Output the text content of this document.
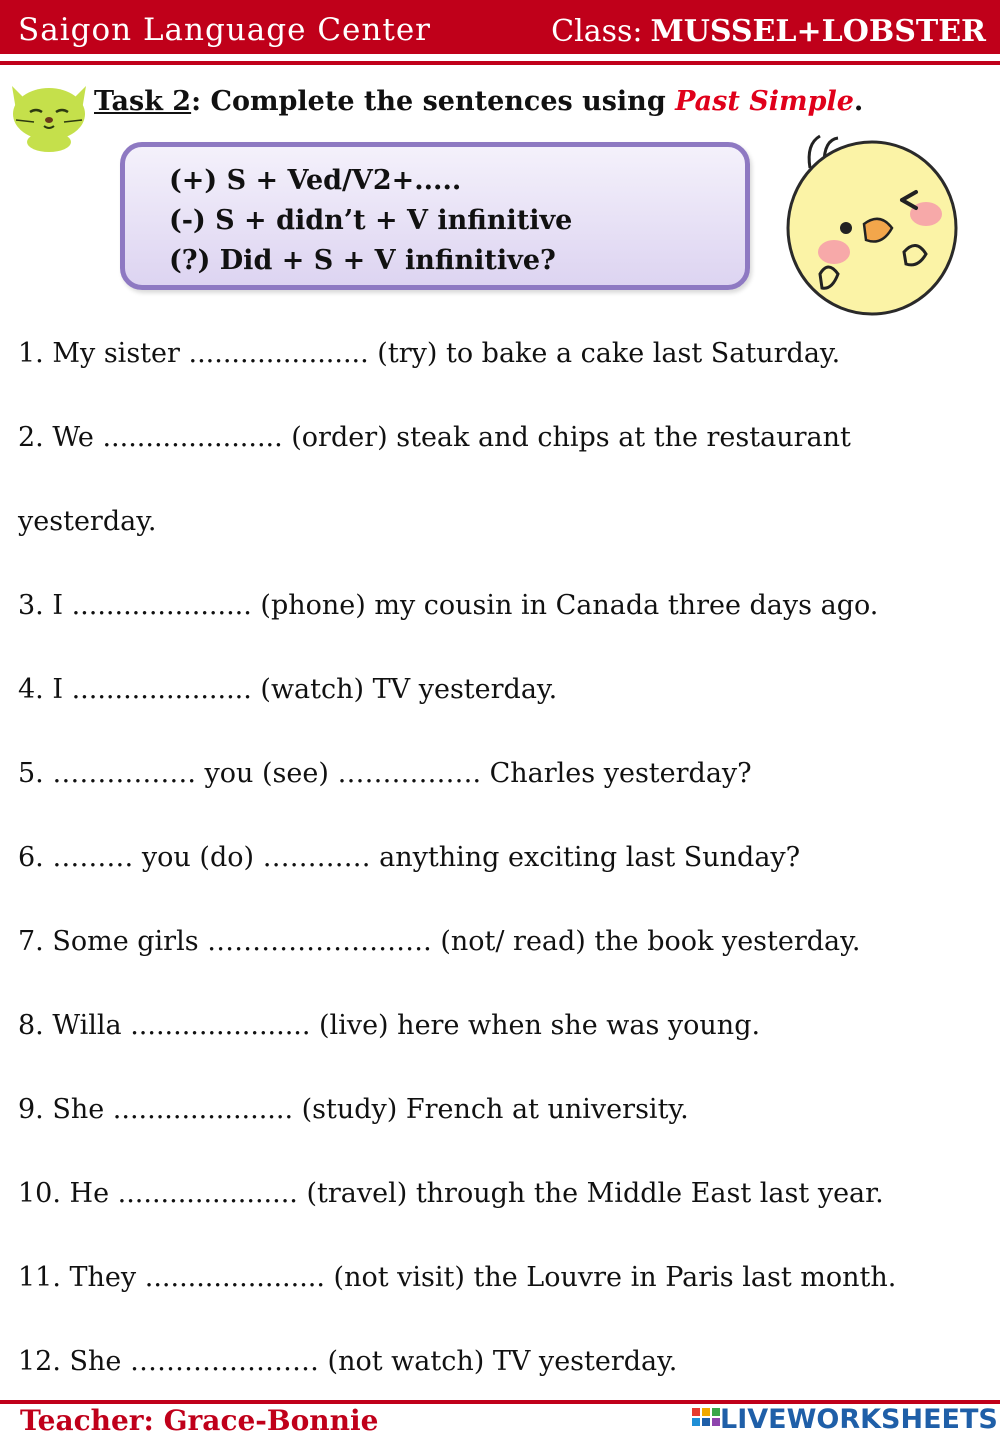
Saigon Language Center	Class: MUSSEL+LOBSTER
Task 2: Complete the sentences using Past Simple.
(+) S + Ved/V2+.....
(-) S + didn’t + V infinitive
(?) Did + S + V infinitive?
1. My sister ..................... (try) to bake a cake last Saturday.
2. We ..................... (order) steak and chips at the restaurant
yesterday.
3. I ..................... (phone) my cousin in Canada three days ago.
4. I ..................... (watch) TV yesterday.
5. ……………. you (see) ……………. Charles yesterday?
6. ……… you (do) ………… anything exciting last Sunday?
7. Some girls ……………………. (not/ read) the book yesterday.
8. Willa ..................... (live) here when she was young.
9. She ..................... (study) French at university.
10. He ..................... (travel) through the Middle East last year.
11. They ..................... (not visit) the Louvre in Paris last month.
12. She ………………… (not watch) TV yesterday.
Teacher: Grace-Bonnie	LIVEWORKSHEETS
